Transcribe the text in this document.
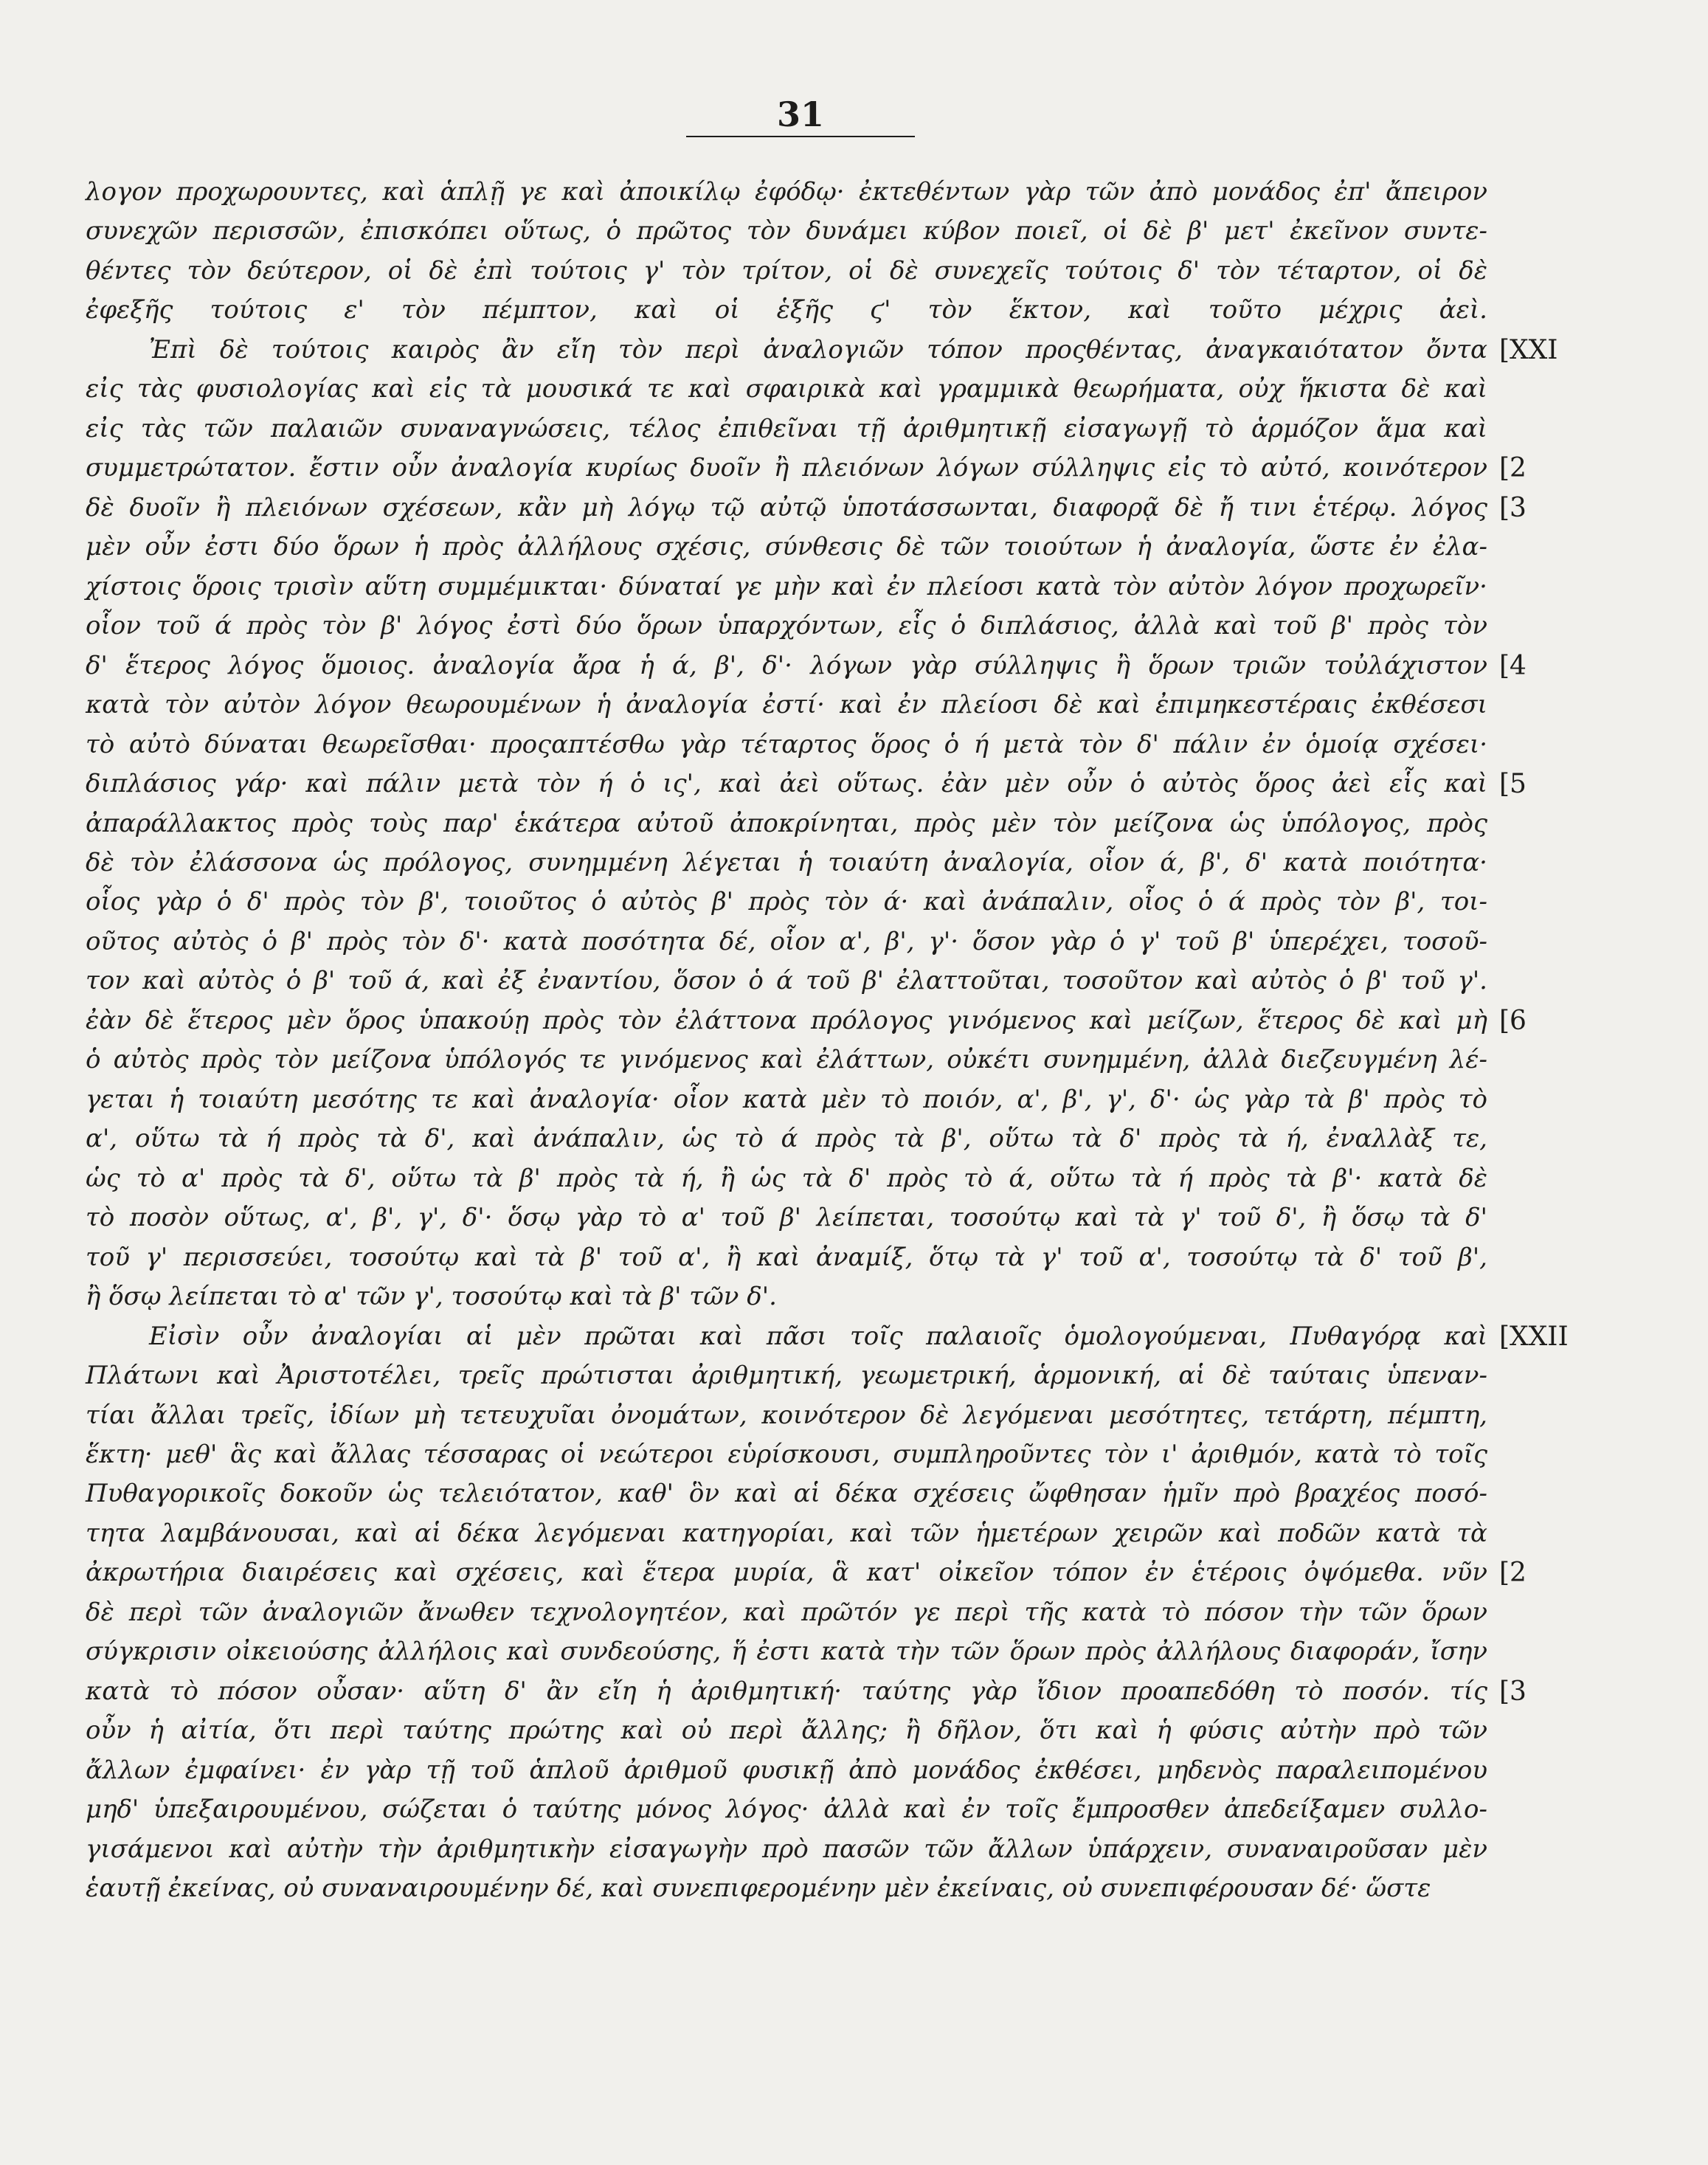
31
λογον προχωρουντες, καὶ ἁπλῇ γε καὶ ἀποικίλῳ ἐφόδῳ· ἐκτεθέντων γὰρ τῶν ἀπὸ μονάδος ἐπ' ἄπειρον
συνεχῶν περισσῶν, ἐπισκόπει οὕτως, ὁ πρῶτος τὸν δυνάμει κύβον ποιεῖ, οἱ δὲ β' μετ' ἐκεῖνον συντε-
θέντες τὸν δεύτερον, οἱ δὲ ἐπὶ τούτοις γ' τὸν τρίτον, οἱ δὲ συνεχεῖς τούτοις δ' τὸν τέταρτον, οἱ δὲ
ἐφεξῆς τούτοις ε' τὸν πέμπτον, καὶ οἱ ἑξῆς ϛ' τὸν ἕκτον, καὶ τοῦτο μέχρις ἀεὶ.
Ἐπὶ δὲ τούτοις καιρὸς ἂν εἴη τὸν περὶ ἀναλογιῶν τόπον προςθέντας, ἀναγκαιότατον ὄντα [XXI
εἰς τὰς φυσιολογίας καὶ εἰς τὰ μουσικά τε καὶ σφαιρικὰ καὶ γραμμικὰ θεωρήματα, οὐχ ἥκιστα δὲ καὶ
εἰς τὰς τῶν παλαιῶν συναναγνώσεις, τέλος ἐπιθεῖναι τῇ ἀριθμητικῇ εἰσαγωγῇ τὸ ἁρμόζον ἅμα καὶ
συμμετρώτατον. ἔστιν οὖν ἀναλογία κυρίως δυοῖν ἢ πλειόνων λόγων σύλληψις εἰς τὸ αὐτό, κοινότερον [2
δὲ δυοῖν ἢ πλειόνων σχέσεων, κἂν μὴ λόγῳ τῷ αὐτῷ ὑποτάσσωνται, διαφορᾷ δὲ ἤ τινι ἑτέρῳ. λόγος [3
μὲν οὖν ἐστι δύο ὅρων ἡ πρὸς ἀλλήλους σχέσις, σύνθεσις δὲ τῶν τοιούτων ἡ ἀναλογία, ὥστε ἐν ἐλα-
χίστοις ὅροις τρισὶν αὕτη συμμέμικται· δύναταί γε μὴν καὶ ἐν πλείοσι κατὰ τὸν αὐτὸν λόγον προχωρεῖν·
οἷον τοῦ ά πρὸς τὸν β' λόγος ἐστὶ δύο ὅρων ὑπαρχόντων, εἷς ὁ διπλάσιος, ἀλλὰ καὶ τοῦ β' πρὸς τὸν
δ' ἕτερος λόγος ὅμοιος. ἀναλογία ἄρα ἡ ά, β', δ'· λόγων γὰρ σύλληψις ἢ ὅρων τριῶν τοὐλάχιστον [4
κατὰ τὸν αὐτὸν λόγον θεωρουμένων ἡ ἀναλογία ἐστί· καὶ ἐν πλείοσι δὲ καὶ ἐπιμηκεστέραις ἐκθέσεσι
τὸ αὐτὸ δύναται θεωρεῖσθαι· προςαπτέσθω γὰρ τέταρτος ὅρος ὁ ή μετὰ τὸν δ' πάλιν ἐν ὁμοίᾳ σχέσει·
διπλάσιος γάρ· καὶ πάλιν μετὰ τὸν ή ὁ ις', καὶ ἀεὶ οὕτως. ἐὰν μὲν οὖν ὁ αὐτὸς ὅρος ἀεὶ εἷς καὶ [5
ἀπαράλλακτος πρὸς τοὺς παρ' ἑκάτερα αὐτοῦ ἀποκρίνηται, πρὸς μὲν τὸν μείζονα ὡς ὑπόλογος, πρὸς
δὲ τὸν ἐλάσσονα ὡς πρόλογος, συνημμένη λέγεται ἡ τοιαύτη ἀναλογία, οἷον ά, β', δ' κατὰ ποιότητα·
οἷος γὰρ ὁ δ' πρὸς τὸν β', τοιοῦτος ὁ αὐτὸς β' πρὸς τὸν ά· καὶ ἀνάπαλιν, οἷος ὁ ά πρὸς τὸν β', τοι-
οῦτος αὐτὸς ὁ β' πρὸς τὸν δ'· κατὰ ποσότητα δέ, οἷον α', β', γ'· ὅσον γὰρ ὁ γ' τοῦ β' ὑπερέχει, τοσοῦ-
τον καὶ αὐτὸς ὁ β' τοῦ ά, καὶ ἐξ ἐναντίου, ὅσον ὁ ά τοῦ β' ἐλαττοῦται, τοσοῦτον καὶ αὐτὸς ὁ β' τοῦ γ'.
ἐὰν δὲ ἕτερος μὲν ὅρος ὑπακούῃ πρὸς τὸν ἐλάττονα πρόλογος γινόμενος καὶ μείζων, ἕτερος δὲ καὶ μὴ [6
ὁ αὐτὸς πρὸς τὸν μείζονα ὑπόλογός τε γινόμενος καὶ ἐλάττων, οὐκέτι συνημμένη, ἀλλὰ διεζευγμένη λέ-
γεται ἡ τοιαύτη μεσότης τε καὶ ἀναλογία· οἷον κατὰ μὲν τὸ ποιόν, α', β', γ', δ'· ὡς γὰρ τὰ β' πρὸς τὸ
α', οὕτω τὰ ή πρὸς τὰ δ', καὶ ἀνάπαλιν, ὡς τὸ ά πρὸς τὰ β', οὕτω τὰ δ' πρὸς τὰ ή, ἐναλλὰξ τε,
ὡς τὸ α' πρὸς τὰ δ', οὕτω τὰ β' πρὸς τὰ ή, ἢ ὡς τὰ δ' πρὸς τὸ ά, οὕτω τὰ ή πρὸς τὰ β'· κατὰ δὲ
τὸ ποσὸν οὕτως, α', β', γ', δ'· ὅσῳ γὰρ τὸ α' τοῦ β' λείπεται, τοσούτῳ καὶ τὰ γ' τοῦ δ', ἢ ὅσῳ τὰ δ'
τοῦ γ' περισσεύει, τοσούτῳ καὶ τὰ β' τοῦ α', ἢ καὶ ἀναμίξ, ὅτῳ τὰ γ' τοῦ α', τοσούτῳ τὰ δ' τοῦ β',
ἢ ὅσῳ λείπεται τὸ α' τῶν γ', τοσούτῳ καὶ τὰ β' τῶν δ'.
Εἰσὶν οὖν ἀναλογίαι αἱ μὲν πρῶται καὶ πᾶσι τοῖς παλαιοῖς ὁμολογούμεναι, Πυθαγόρᾳ καὶ [XXII
Πλάτωνι καὶ Ἀριστοτέλει, τρεῖς πρώτισται ἀριθμητική, γεωμετρική, ἁρμονική, αἱ δὲ ταύταις ὑπεναν-
τίαι ἄλλαι τρεῖς, ἰδίων μὴ τετευχυῖαι ὀνομάτων, κοινότερον δὲ λεγόμεναι μεσότητες, τετάρτη, πέμπτη,
ἕκτη· μεθ' ἃς καὶ ἄλλας τέσσαρας οἱ νεώτεροι εὑρίσκουσι, συμπληροῦντες τὸν ι' ἀριθμόν, κατὰ τὸ τοῖς
Πυθαγορικοῖς δοκοῦν ὡς τελειότατον, καθ' ὃν καὶ αἱ δέκα σχέσεις ὤφθησαν ἡμῖν πρὸ βραχέος ποσό-
τητα λαμβάνουσαι, καὶ αἱ δέκα λεγόμεναι κατηγορίαι, καὶ τῶν ἡμετέρων χειρῶν καὶ ποδῶν κατὰ τὰ
ἀκρωτήρια διαιρέσεις καὶ σχέσεις, καὶ ἕτερα μυρία, ἃ κατ' οἰκεῖον τόπον ἐν ἑτέροις ὀψόμεθα. νῦν [2
δὲ περὶ τῶν ἀναλογιῶν ἄνωθεν τεχνολογητέον, καὶ πρῶτόν γε περὶ τῆς κατὰ τὸ πόσον τὴν τῶν ὅρων
σύγκρισιν οἰκειούσης ἀλλήλοις καὶ συνδεούσης, ἥ ἐστι κατὰ τὴν τῶν ὅρων πρὸς ἀλλήλους διαφοράν, ἴσην
κατὰ τὸ πόσον οὖσαν· αὕτη δ' ἂν εἴη ἡ ἀριθμητική· ταύτης γὰρ ἴδιον προαπεδόθη τὸ ποσόν. τίς [3
οὖν ἡ αἰτία, ὅτι περὶ ταύτης πρώτης καὶ οὐ περὶ ἄλλης; ἢ δῆλον, ὅτι καὶ ἡ φύσις αὐτὴν πρὸ τῶν
ἄλλων ἐμφαίνει· ἐν γὰρ τῇ τοῦ ἁπλοῦ ἀριθμοῦ φυσικῇ ἀπὸ μονάδος ἐκθέσει, μηδενὸς παραλειπομένου
μηδ' ὑπεξαιρουμένου, σώζεται ὁ ταύτης μόνος λόγος· ἀλλὰ καὶ ἐν τοῖς ἔμπροσθεν ἀπεδείξαμεν συλλο-
γισάμενοι καὶ αὐτὴν τὴν ἀριθμητικὴν εἰσαγωγὴν πρὸ πασῶν τῶν ἄλλων ὑπάρχειν, συναναιροῦσαν μὲν
ἑαυτῇ ἐκείνας, οὐ συναναιρουμένην δέ, καὶ συνεπιφερομένην μὲν ἐκείναις, οὐ συνεπιφέρουσαν δέ· ὥστε
